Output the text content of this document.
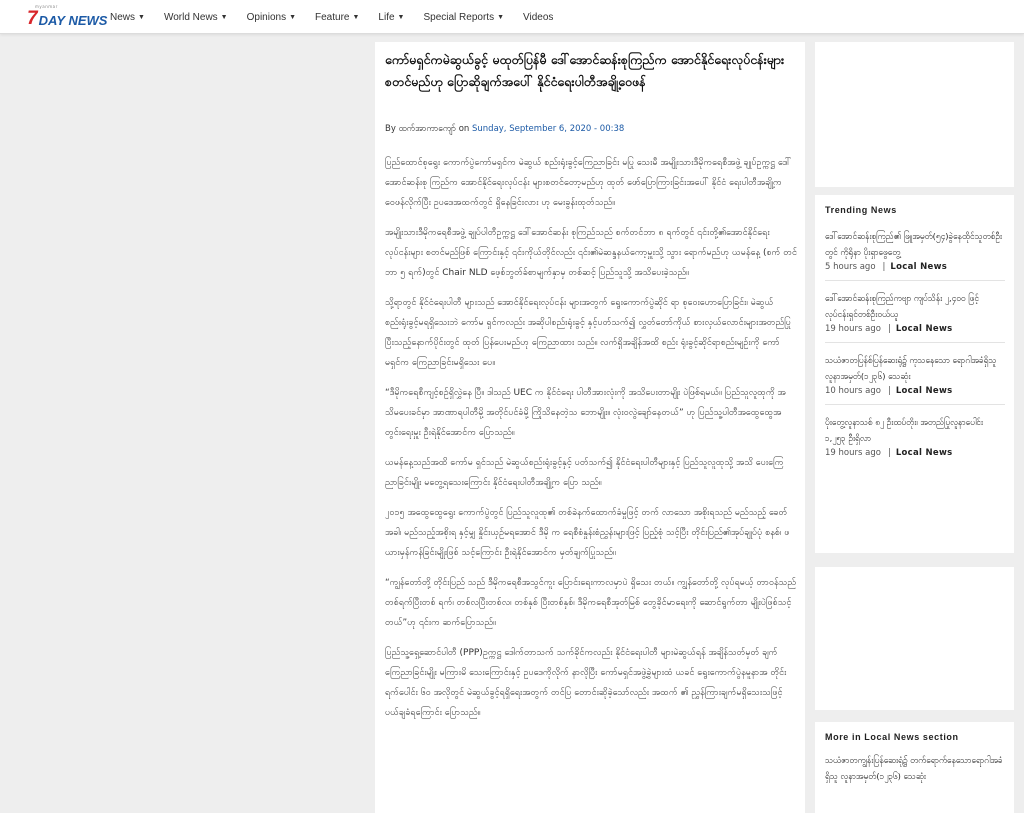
myanmar
7 DAY NEWS News ▼ World News ▼ Opinions ▼ Feature ▼ Life ▼ Special Reports ▼ Videos
ကော်မရှင်ကမဲဆွယ်ခွင့် မထုတ်ပြန်မီ ဒေါ်အောင်ဆန်းစုကြည်က အောင်နိုင်ရေးလုပ်ငန်းများစတင်မည်ဟု ပြောဆိုချက်အပေါ် နိုင်ငံရေးပါတီအချို့ဝေဖန်
By ထက်အာကာကျော် on Sunday, September 6, 2020 - 00:38

ပြည်ထောင်စုရွေး ကောက်ပွဲကော်မရှင်က မဲဆွယ် စည်းရုံးခွင့်ကြေညာခြင်း မပြု သေးမီ အမျိုးသားဒီမိုကရေစီအဖွဲ့ ချုပ်ဥက္ကဋ္ဌ ဒေါ်အောင်ဆန်းစု ကြည်က အောင်နိုင်ရေးလုပ်ငန်း များစတင်တော့မည်ဟု ထုတ် ဖော်ပြောကြားခြင်းအပေါ် နိုင်ငံ ရေးပါတီအချို့က ဝေဖန်လိုက်ပြီး ဥပဒေအထက်တွင် ရှိနေခြင်းလား ဟု မေးခွန်းထုတ်သည်။

အမျိုးသားဒီမိုကရေစီအဖွဲ့ ချုပ်ပါတီဥက္ကဋ္ဌ ဒေါ်အောင်ဆန်း စုကြည်သည် စက်တင်ဘာ ၈ ရက်တွင် ၎င်းတို့၏အောင်နိုင်ရေး လုပ်ငန်းများ စတင်မည်ဖြစ် ကြောင်းနှင့် ၎င်းကိုယ်တိုင်လည်း ၎င်း၏မဲဆန္ဒနယ်ကော့မှူးသို့ သွား ရောက်မည်ဟု ယမန်နေ့ (စက် တင်ဘာ ၅ ရက်)တွင် Chair NLD ဖေ့စ်ဘွတ်ခ်စာမျက်နှာမှ တစ်ဆင့် ပြည်သူသို့ အသိပေးခဲ့သည်။

သို့ရာတွင် နိုင်ငံရေးပါတီ များသည် အောင်နိုင်ရေးလုပ်ငန်း များအတွက် ရွေးကောက်ပွဲဆိုင် ရာ စုဝေးဟောပြောခြင်း၊ မဲဆွယ် စည်းရုံးခွင့်မရရှိသေးဘဲ ကော်မ ရှင်ကလည်း အဆိုပါစည်းရုံးခွင့် နှင့်ပတ်သက်၍ လွှတ်တော်ကိုယ် စားလှယ်လောင်းများအတည်ပြု ပြီးသည့်နောက်ပိုင်းတွင် ထုတ် ပြန်ပေးမည်ဟု ကြေညာထား သည်။ လက်ရှိအချိန်အထိ စည်း ရုံးခွင့်ဆိုင်ရာစည်းမျဉ်းကို ကော် မရှင်က ကြေညာခြင်းမရှိသေး ပေ။

“ဒီမိုကရေစီကျင့်စဉ်ရှိလွှဲနေ ပြီ။ ဒါသည် UEC က နိုင်ငံရေး ပါတီအားလုံးကို အသိပေးတာမျိုး ပဲဖြစ်ရမယ်။ ပြည်သူလူထုကို အ သိမပေးခင်မှာ အာဏာရပါတီမို့ အတိုင်ပင်ခံမို့ ကြိုသိနေတဲ့သ ဘောမျိုး။ လုံးဝလွဲချော်နေတယ်” ဟု ပြည်သူ့ပါတီအထွေထွေအ တွင်းရေးမှူး ဦးရဲနိုင်အောင်က ပြောသည်။

ယမန်နေ့သည်အထိ ကော်မ ရှင်သည် မဲဆွယ်စည်းရုံးခွင့်နှင့် ပတ်သက်၍ နိုင်ငံရေးပါတီများနှင့် ပြည်သူလူထုသို့ အသိ ပေးကြေ ညာခြင်းမျိုး မတွေ့ရသေးကြောင်း နိုင်ငံရေးပါတီအချို့က ပြော သည်။

၂၀၁၅ အထွေထွေရွေး ကောက်ပွဲတွင် ပြည်သူလူထု၏ တစ်ခဲနက်ထောက်ခံမှုဖြင့် တက် လာသော အစိုးရသည် မည်သည့် ခေတ်အခါ၊ မည်သည့်အစိုးရ နှင့်မျှ နှိုင်းယှဉ်မရအောင် ဒီမို က ရေစီစံနှုန်းစံညွှန်းများဖြင့် ပြည့်စုံ သင့်ပြီး တိုင်းပြည်၏အုပ်ချုပ်ပုံ စနစ်၊ ဖယားမှန်ကန်ခြင်းမျိုးဖြစ် သင့်ကြောင်း ဦးရဲနိုင်အောင်က မှတ်ချက်ပြုသည်။

“ကျွန်တော်တို့ တိုင်းပြည် သည် ဒီမိုကရေစီအသွင်ကူး ပြောင်းရေးကာလမှာပဲ ရှိသေး တယ်။ ကျွန်တော်တို့ လုပ်ရမယ့် တာဝန်သည် တစ်ရက်ပြီးတစ် ရက်၊ တစ်လပြီးတစ်လ၊ တစ်နှစ် ပြီးတစ်နှစ်၊ ဒီမိုကရေစီအုတ်မြစ် တွေခိုင်မာရေးကို ဆောင်ရွက်တာ မျိုးပဲဖြစ်သင့်တယ်”ဟု ၎င်းက ဆက်ပြောသည်။

ပြည်သူ့ရှေ့ဆောင်ပါတီ (PPP)ဥက္ကဋ္ဌ ဒေါက်တာသက် သက်ခိုင်ကလည်း နိုင်ငံရေးပါတီ များမဲဆွယ်ရန် အချိန်သတ်မှတ် ချက်ကြေညာခြင်းမျိုး မကြားမိ သေးကြောင်းနှင့် ဥပဒေကိုလိုက် နာလိုပြီး ကော်မရှင်အဖွဲ့ခွဲများထံ ယခင် ရွေးကောက်ပွဲနမူနာအ တိုင်း ရက်ပေါင်း ၆၀ အလိုတွင် မဲဆွယ်ခွင့်ရရှိရေးအတွက် တင်ပြ တောင်းဆိုခဲ့သော်လည်း အထက် ၏ ညွှန်ကြားချက်မရှိသေးသဖြင့် ပယ်ချခံရကြောင်း ပြောသည်။

Trending News
ဒေါ်အောင်ဆန်းစုကြည်၏ ဖြူအမှတ်(၅၄)ခွဲနေထိုင်သူတစ်ဦးတွင် ကိုရိုနာ ပိုးရှာဖွေတွေ့
5 hours ago | Local News
ဒေါ်အောင်ဆန်းစုကြည်ကဗျာ ကျပ်သိန်း ၂,၄၀၀ ဖြင့် လုပ်ငန်းရှင်တစ်ဦးဝယ်ယူ
19 hours ago | Local News
သယံဇာတပြန်စ်ပြန်ဆေးရုံ၌ ကုသနေသော ရောဂါအခံရှိသူ လူနာအမှတ်(၁၂၃၆) သေဆုံး
10 hours ago | Local News
ပိုးတွေ့လူနာသစ် ၈၂ ဦးထပ်တိုး၊ အတည်ပြုလူနာပေါင်း ၁,၂၅၃ ဦးရှိလာ
19 hours ago | Local News
More in Local News section
သယံဇာတကျွန်းပြန်ဆေးရုံ၌ တက်ရောက်နေသောရောဂါအခံရှိသူ လူနာအမှတ်(၁၂၃၆) သေဆုံး
